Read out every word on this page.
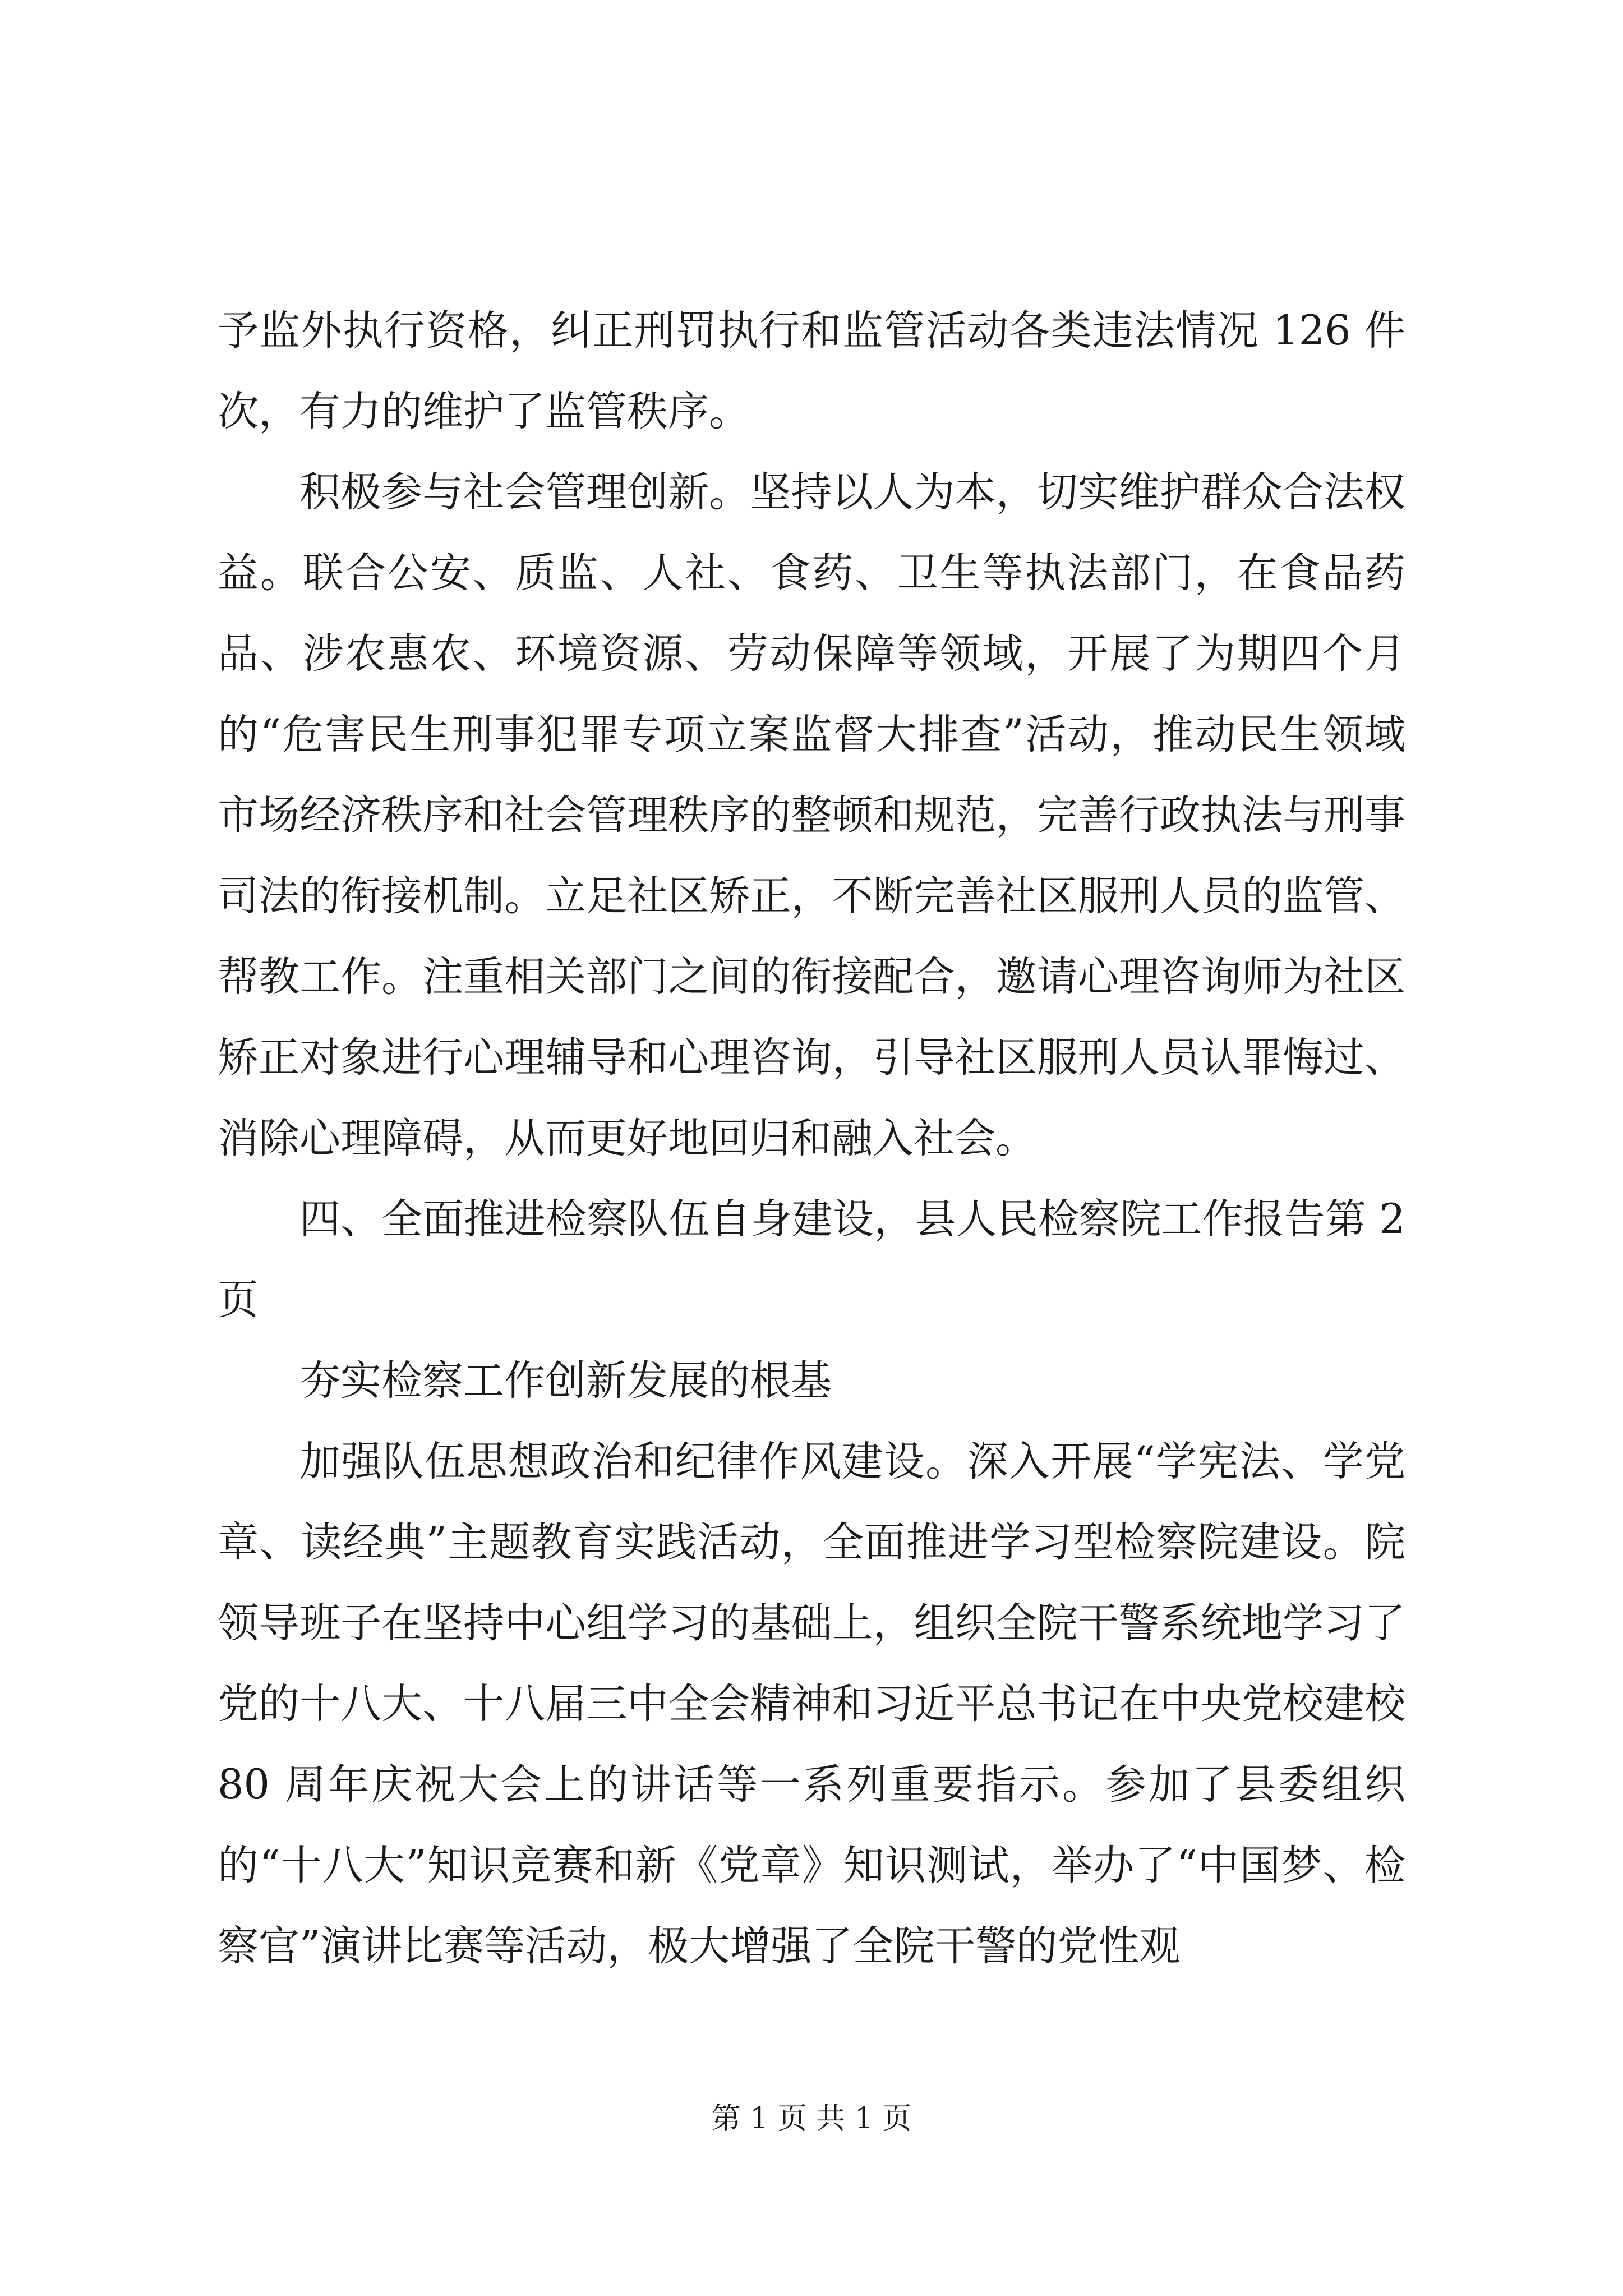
予监外执行资格，纠正刑罚执行和监管活动各类违法情况 126 件次，有力的维护了监管秩序。

积极参与社会管理创新。坚持以人为本，切实维护群众合法权益。联合公安、质监、人社、食药、卫生等执法部门，在食品药品、涉农惠农、环境资源、劳动保障等领域，开展了为期四个月的“危害民生刑事犯罪专项立案监督大排查”活动，推动民生领域市场经济秩序和社会管理秩序的整顿和规范，完善行政执法与刑事司法的衔接机制。立足社区矫正，不断完善社区服刑人员的监管、帮教工作。注重相关部门之间的衔接配合，邀请心理咨询师为社区矫正对象进行心理辅导和心理咨询，引导社区服刑人员认罪悔过、消除心理障碍，从而更好地回归和融入社会。

四、全面推进检察队伍自身建设，县人民检察院工作报告第 2 页

夯实检察工作创新发展的根基

加强队伍思想政治和纪律作风建设。深入开展“学宪法、学党章、读经典”主题教育实践活动，全面推进学习型检察院建设。院领导班子在坚持中心组学习的基础上，组织全院干警系统地学习了党的十八大、十八届三中全会精神和习近平总书记在中央党校建校 80 周年庆祝大会上的讲话等一系列重要指示。参加了县委组织的“十八大”知识竞赛和新《党章》知识测试，举办了“中国梦、检察官”演讲比赛等活动，极大增强了全院干警的党性观

第 1 页 共 1 页
